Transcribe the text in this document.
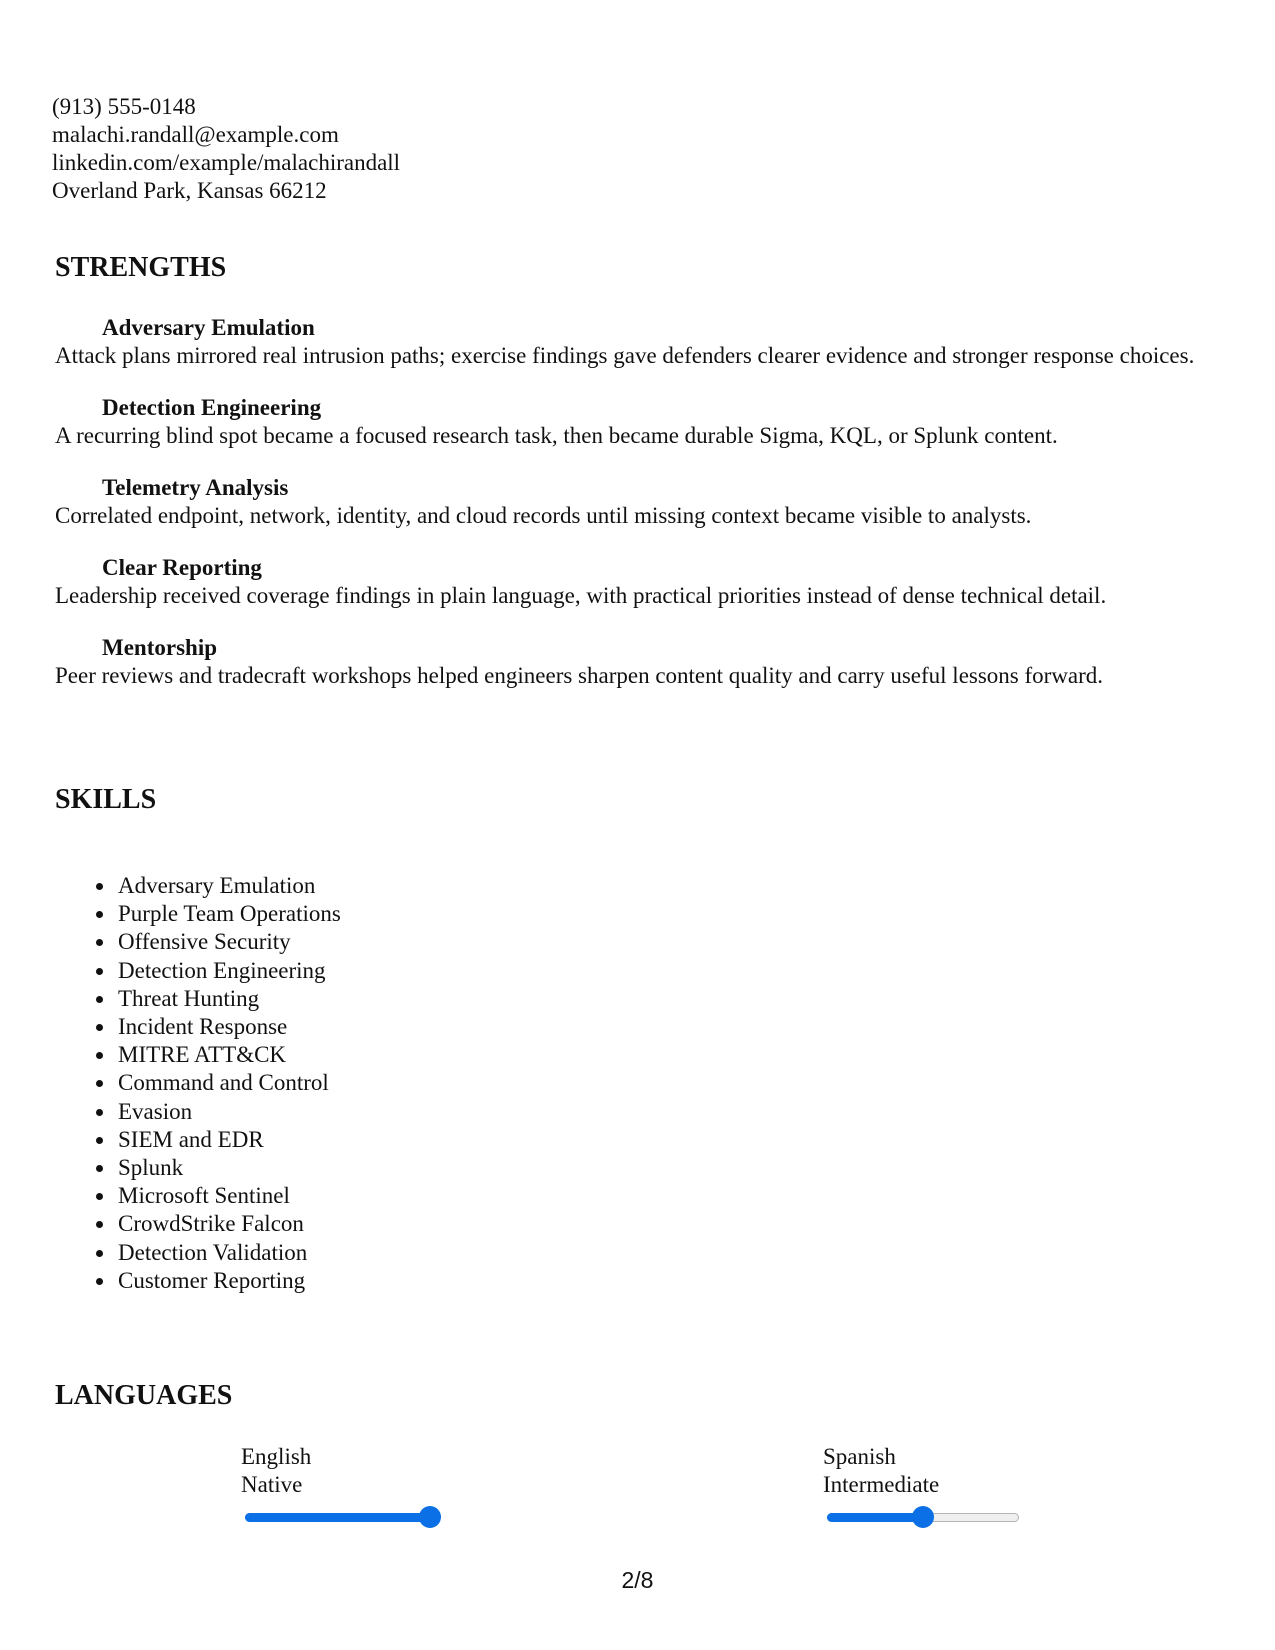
(913) 555-0148
malachi.randall@example.com
linkedin.com/example/malachirandall
Overland Park, Kansas 66212
STRENGTHS
Adversary Emulation
Attack plans mirrored real intrusion paths; exercise findings gave defenders clearer evidence and stronger response choices.
Detection Engineering
A recurring blind spot became a focused research task, then became durable Sigma, KQL, or Splunk content.
Telemetry Analysis
Correlated endpoint, network, identity, and cloud records until missing context became visible to analysts.
Clear Reporting
Leadership received coverage findings in plain language, with practical priorities instead of dense technical detail.
Mentorship
Peer reviews and tradecraft workshops helped engineers sharpen content quality and carry useful lessons forward.
SKILLS
Adversary Emulation
Purple Team Operations
Offensive Security
Detection Engineering
Threat Hunting
Incident Response
MITRE ATT&CK
Command and Control
Evasion
SIEM and EDR
Splunk
Microsoft Sentinel
CrowdStrike Falcon
Detection Validation
Customer Reporting
LANGUAGES
English
Native
Spanish
Intermediate
2/8
